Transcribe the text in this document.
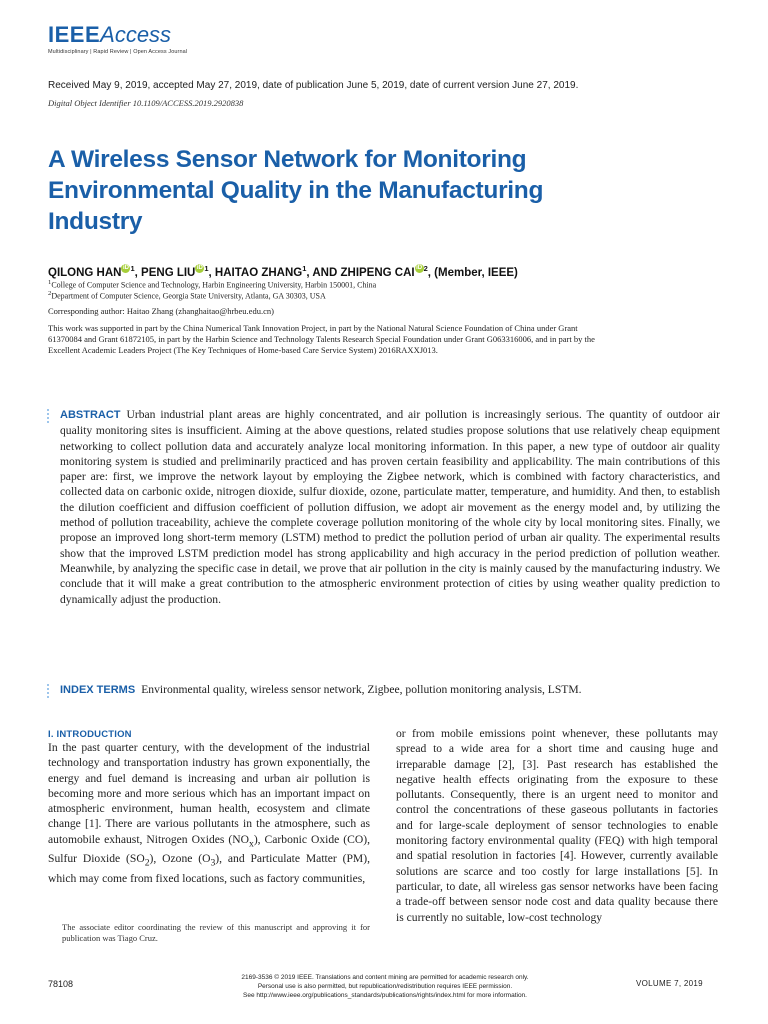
IEEEAccess
Multidisciplinary | Rapid Review | Open Access Journal
Received May 9, 2019, accepted May 27, 2019, date of publication June 5, 2019, date of current version June 27, 2019.
Digital Object Identifier 10.1109/ACCESS.2019.2920838
A Wireless Sensor Network for Monitoring Environmental Quality in the Manufacturing Industry
QILONG HAN iD $^1$, PENG LIU iD $^1$, HAITAO ZHANG$^1$, AND ZHIPENG CAI iD $^2$, (Member, IEEE)
$^1$College of Computer Science and Technology, Harbin Engineering University, Harbin 150001, China
$^2$Department of Computer Science, Georgia State University, Atlanta, GA 30303, USA
Corresponding author: Haitao Zhang (zhanghaitao@hrbeu.edu.cn)
This work was supported in part by the China Numerical Tank Innovation Project, in part by the National Natural Science Foundation of China under Grant 61370084 and Grant 61872105, in part by the Harbin Science and Technology Talents Research Special Foundation under Grant G063316006, and in part by the Excellent Academic Leaders Project (The Key Techniques of Home-based Care Service System) 2016RAXXJ013.
ABSTRACT Urban industrial plant areas are highly concentrated, and air pollution is increasingly serious. The quantity of outdoor air quality monitoring sites is insufficient. Aiming at the above questions, related studies propose solutions that use relatively cheap equipment networking to collect pollution data and accurately analyze local monitoring information. In this paper, a new type of outdoor air quality monitoring system is studied and preliminarily practiced and has proven certain feasibility and applicability. The main contributions of this paper are: first, we improve the network layout by employing the Zigbee network, which is combined with factory characteristics, and collected data on carbonic oxide, nitrogen dioxide, sulfur dioxide, ozone, particulate matter, temperature, and humidity. And then, to establish the dilution coefficient and diffusion coefficient of pollution diffusion, we adopt air movement as the energy model and, by utilizing the method of pollution traceability, achieve the complete coverage pollution monitoring of the whole city by local monitoring sites. Finally, we propose an improved long short-term memory (LSTM) method to predict the pollution period of urban air quality. The experimental results show that the improved LSTM prediction model has strong applicability and high accuracy in the period prediction of pollution weather. Meanwhile, by analyzing the specific case in detail, we prove that air pollution in the city is mainly caused by the manufacturing industry. We conclude that it will make a great contribution to the atmospheric environment protection of cities by using weather quality prediction to dynamically adjust the production.
INDEX TERMS Environmental quality, wireless sensor network, Zigbee, pollution monitoring analysis, LSTM.
I. INTRODUCTION
In the past quarter century, with the development of the industrial technology and transportation industry has grown exponentially, the energy and fuel demand is increasing and urban air pollution is becoming more and more serious which has an important impact on atmospheric environment, human health, ecosystem and climate change [1]. There are various pollutants in the atmosphere, such as automobile exhaust, Nitrogen Oxides $(NO_x)$, Carbonic Oxide (CO), Sulfur Dioxide $(SO_2)$, Ozone $(O_3)$, and Particulate Matter (PM), which may come from fixed locations, such as factory communities,
or from mobile emissions point whenever, these pollutants may spread to a wide area for a short time and causing huge and irreparable damage [2], [3]. Past research has established the negative health effects originating from the exposure to these pollutants. Consequently, there is an urgent need to monitor and control the concentrations of these gaseous pollutants in factories and for large-scale deployment of sensor technologies to enable monitoring factory environmental quality (FEQ) with high temporal and spatial resolution in factories [4]. However, currently available solutions are scarce and too costly for large installations [5]. In particular, to date, all wireless gas sensor networks have been facing a trade-off between sensor node cost and data quality because there is currently no suitable, low-cost technology
The associate editor coordinating the review of this manuscript and approving it for publication was Tiago Cruz.
78108
2169-3536 © 2019 IEEE. Translations and content mining are permitted for academic research only.
Personal use is also permitted, but republication/redistribution requires IEEE permission.
See http://www.ieee.org/publications_standards/publications/rights/index.html for more information.
VOLUME 7, 2019
